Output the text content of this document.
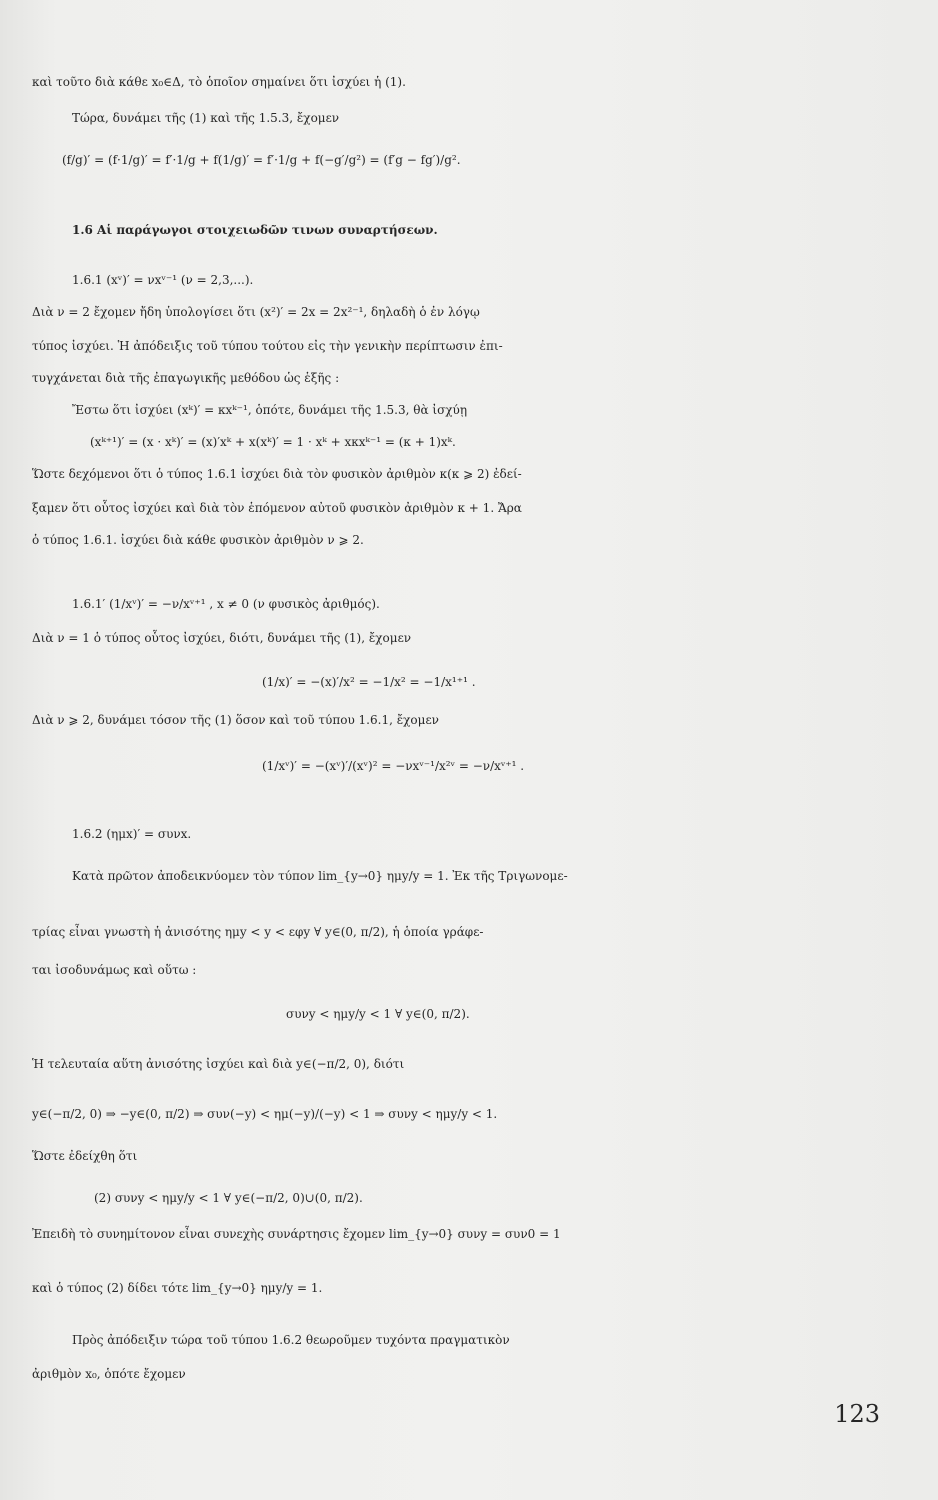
καὶ τοῦτο διὰ κάθε x₀∈Δ, τὸ ὁποῖον σημαίνει ὅτι ἰσχύει ἡ (1).
Τώρα, δυνάμει τῆς (1) καὶ τῆς 1.5.3, ἔχομεν
(f/g)′ = (f·1/g)′ = f′·1/g + f(1/g)′ = f′·1/g + f(−g′/g²) = (f′g − fg′)/g².
1.6 Αἱ παράγωγοι στοιχειωδῶν τινων συναρτήσεων.
1.6.1 (xᵛ)′ = νxᵛ⁻¹ (ν = 2,3,...).
Διὰ ν = 2 ἔχομεν ἤδη ὑπολογίσει ὅτι (x²)′ = 2x = 2x²⁻¹, δηλαδὴ ὁ ἐν λόγῳ
τύπος ἰσχύει. Ἡ ἀπόδειξις τοῦ τύπου τούτου εἰς τὴν γενικὴν περίπτωσιν ἐπι-
τυγχάνεται διὰ τῆς ἐπαγωγικῆς μεθόδου ὡς ἑξῆς :
Ἔστω ὅτι ἰσχύει (xᵏ)′ = κxᵏ⁻¹, ὁπότε, δυνάμει τῆς 1.5.3, θὰ ἰσχύῃ
(xᵏ⁺¹)′ = (x · xᵏ)′ = (x)′xᵏ + x(xᵏ)′ = 1 · xᵏ + xκxᵏ⁻¹ = (κ + 1)xᵏ.
Ὥστε δεχόμενοι ὅτι ὁ τύπος 1.6.1 ἰσχύει διὰ τὸν φυσικὸν ἀριθμὸν κ(κ ⩾ 2) ἐδεί-
ξαμεν ὅτι οὗτος ἰσχύει καὶ διὰ τὸν ἑπόμενον αὐτοῦ φυσικὸν ἀριθμὸν κ + 1. Ἄρα
ὁ τύπος 1.6.1. ἰσχύει διὰ κάθε φυσικὸν ἀριθμὸν ν ⩾ 2.
1.6.1′ (1/xᵛ)′ = −ν/xᵛ⁺¹ , x ≠ 0 (ν φυσικὸς ἀριθμός).
Διὰ ν = 1 ὁ τύπος οὗτος ἰσχύει, διότι, δυνάμει τῆς (1), ἔχομεν
(1/x)′ = −(x)′/x² = −1/x² = −1/x¹⁺¹ .
Διὰ ν ⩾ 2, δυνάμει τόσον τῆς (1) ὅσον καὶ τοῦ τύπου 1.6.1, ἔχομεν
(1/xᵛ)′ = −(xᵛ)′/(xᵛ)² = −νxᵛ⁻¹/x²ᵛ = −ν/xᵛ⁺¹ .
1.6.2 (ημx)′ = συνx.
Κατὰ πρῶτον ἀποδεικνύομεν τὸν τύπον lim_{y→0} ημy/y = 1. Ἐκ τῆς Τριγωνομε-
τρίας εἶναι γνωστὴ ἡ ἀνισότης ημy < y < εφy ∀ y∈(0, π/2), ἡ ὁποία γράφε-
ται ἰσοδυνάμως καὶ οὕτω :
συνy < ημy/y < 1 ∀ y∈(0, π/2).
Ἡ τελευταία αὕτη ἀνισότης ἰσχύει καὶ διὰ y∈(−π/2, 0), διότι
y∈(−π/2, 0) ⇒ −y∈(0, π/2) ⇒ συν(−y) < ημ(−y)/(−y) < 1 ⇒ συνy < ημy/y < 1.
Ὥστε ἐδείχθη ὅτι
(2) συνy < ημy/y < 1 ∀ y∈(−π/2, 0)∪(0, π/2).
Ἐπειδὴ τὸ συνημίτονον εἶναι συνεχὴς συνάρτησις ἔχομεν lim_{y→0} συνy = συν0 = 1
καὶ ὁ τύπος (2) δίδει τότε lim_{y→0} ημy/y = 1.
Πρὸς ἀπόδειξιν τώρα τοῦ τύπου 1.6.2 θεωροῦμεν τυχόντα πραγματικὸν
ἀριθμὸν x₀, ὁπότε ἔχομεν
123
